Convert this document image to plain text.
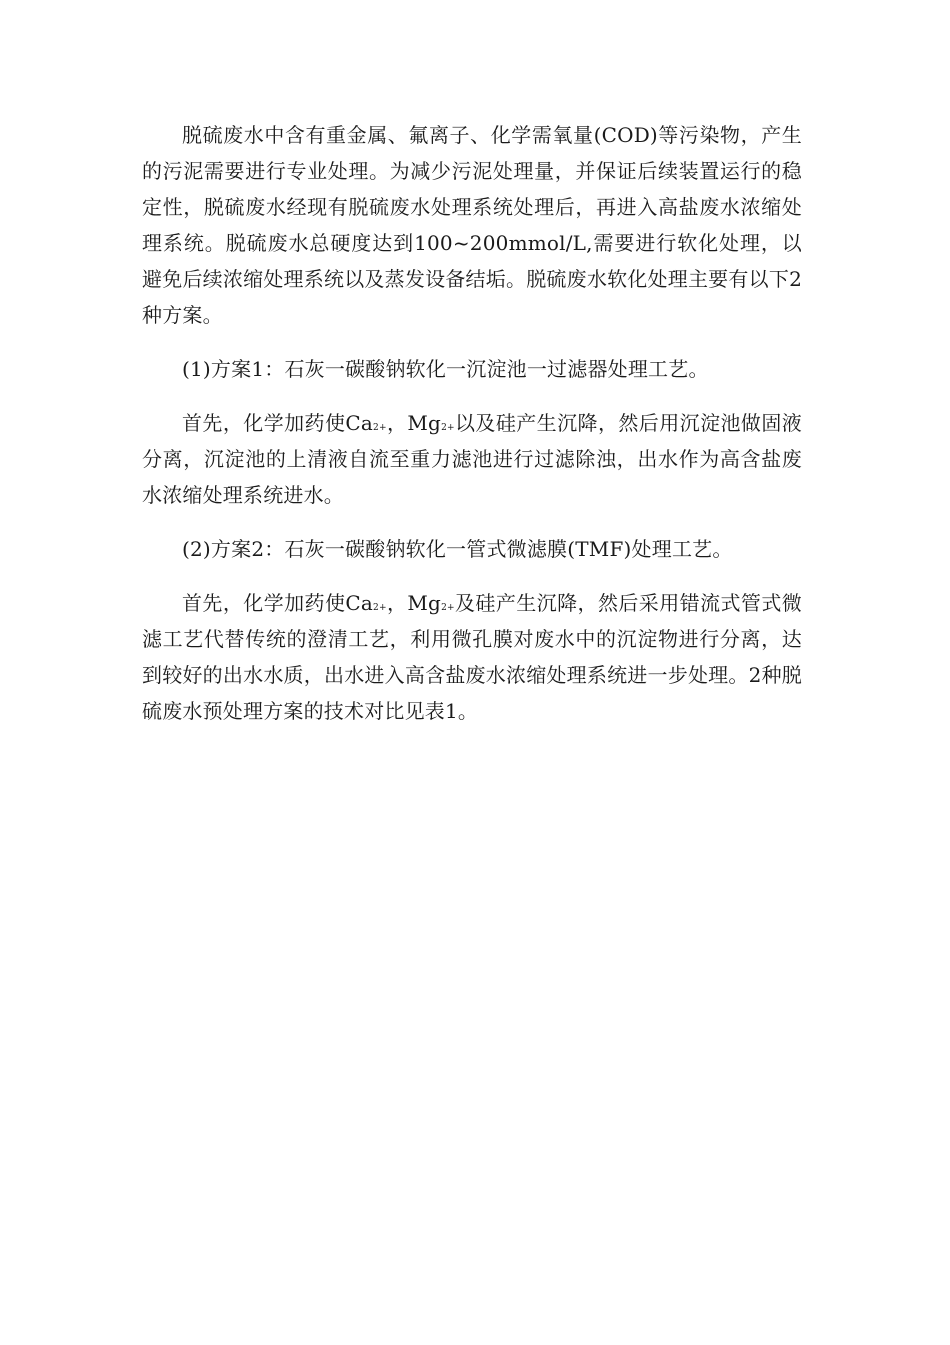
脱硫废水中含有重金属、氟离子、化学需氧量(COD)等污染物，产生的污泥需要进行专业处理。为减少污泥处理量，并保证后续装置运行的稳定性，脱硫废水经现有脱硫废水处理系统处理后，再进入高盐废水浓缩处理系统。脱硫废水总硬度达到100~200mmol/L,需要进行软化处理，以避免后续浓缩处理系统以及蒸发设备结垢。脱硫废水软化处理主要有以下2种方案。

(1)方案1：石灰一碳酸钠软化一沉淀池一过滤器处理工艺。

首先，化学加药使Ca2+，Mg2+以及硅产生沉降，然后用沉淀池做固液分离，沉淀池的上清液自流至重力滤池进行过滤除浊，出水作为高含盐废水浓缩处理系统进水。

(2)方案2：石灰一碳酸钠软化一管式微滤膜(TMF)处理工艺。

首先，化学加药使Ca2+，Mg2+及硅产生沉降，然后采用错流式管式微滤工艺代替传统的澄清工艺，利用微孔膜对废水中的沉淀物进行分离，达到较好的出水水质，出水进入高含盐废水浓缩处理系统进一步处理。2种脱硫废水预处理方案的技术对比见表1。
